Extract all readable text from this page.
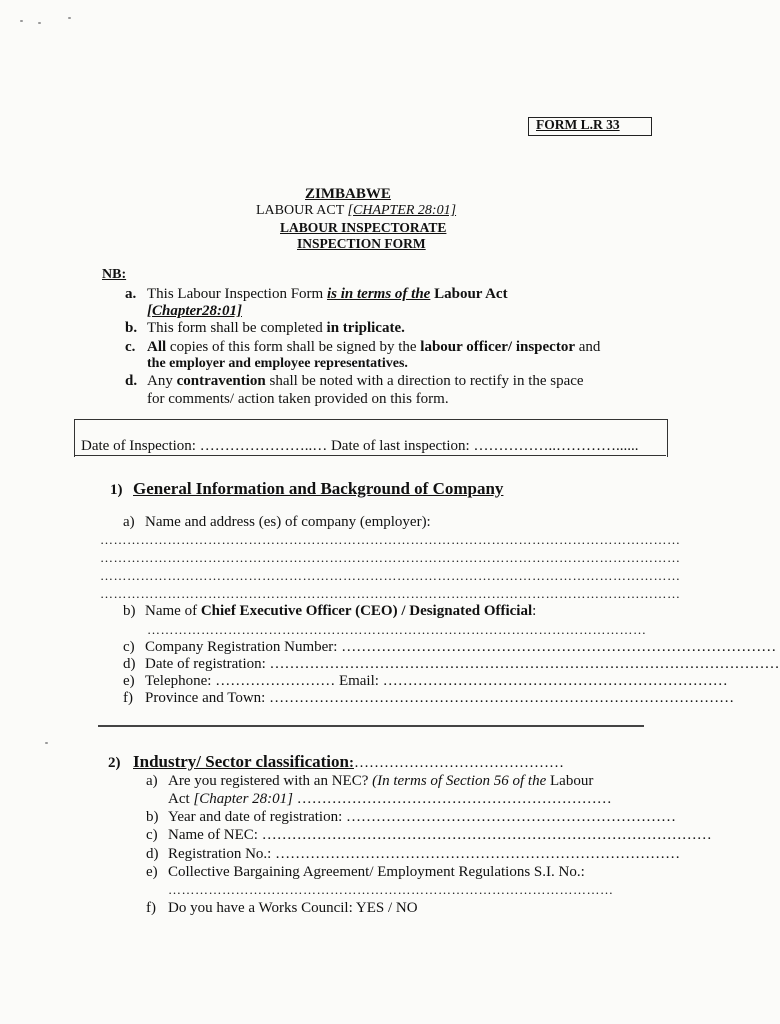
FORM L.R 33
ZIMBABWE
LABOUR ACT [CHAPTER 28:01]
LABOUR INSPECTORATE
INSPECTION FORM
NB:
a. This Labour Inspection Form is in terms of the Labour Act
[Chapter28:01]
b. This form shall be completed in triplicate.
c. All copies of this form shall be signed by the labour officer/ inspector and
the employer and employee representatives.
d. Any contravention shall be noted with a direction to rectify in the space
for comments/ action taken provided on this form.
Date of Inspection: …………………..… Date of last inspection: ……………..…………......
1) General Information and Background of Company
a) Name and address (es) of company (employer):
…………………………………………………………………………………………………………………
…………………………………………………………………………………………………………………
…………………………………………………………………………………………………………………
…………………………………………………………………………………………………………………
b) Name of Chief Executive Officer (CEO) / Designated Official:
…………………………………………………………………………………………………
c) Company Registration Number: ……………………………………………………………………………
d) Date of registration: …………………………………………………………………………………………
e) Telephone: …………………… Email: ……………………………………………………………
f) Province and Town: …………………………………………………………………………………
2) Industry/ Sector classification:……………………………………
a) Are you registered with an NEC? (In terms of Section 56 of the Labour
Act [Chapter 28:01] ………………………………………………………
b) Year and date of registration: …………………………………………………………
c) Name of NEC: ………………………………………………………………………………
d) Registration No.: ………………………………………………………………………
e) Collective Bargaining Agreement/ Employment Regulations S.I. No.:
………………………………………………………………………………………
f) Do you have a Works Council: YES / NO
